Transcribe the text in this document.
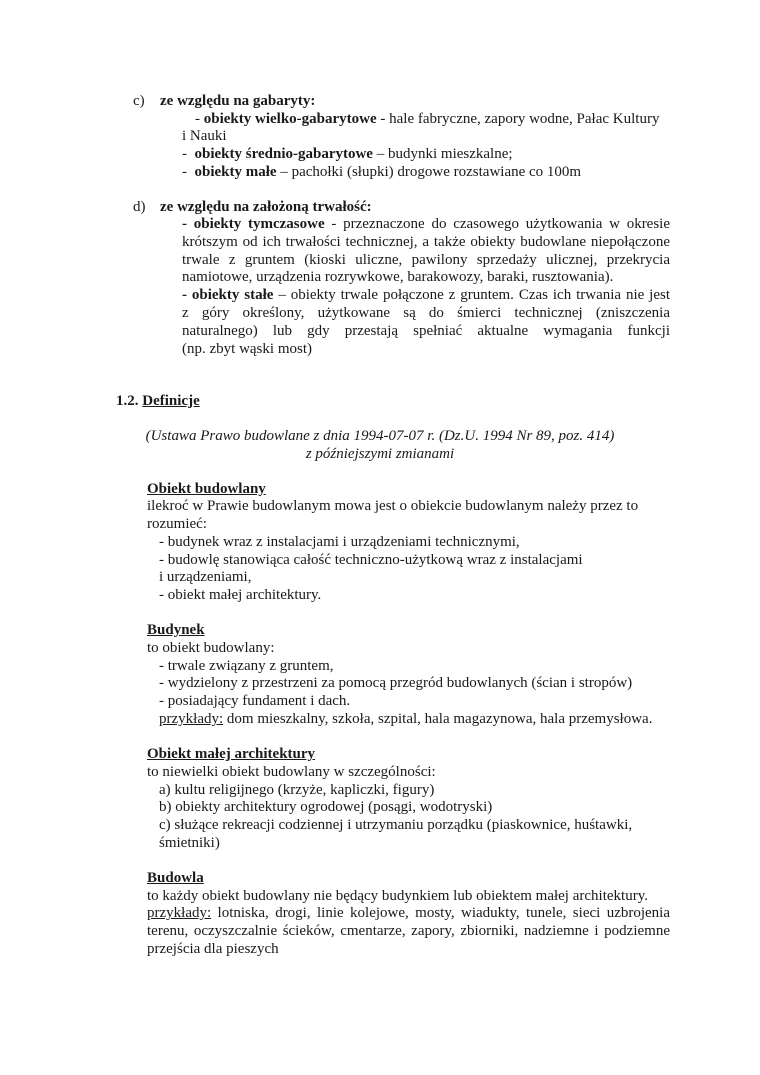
c) ze względu na gabaryty:
- obiekty wielko-gabarytowe - hale fabryczne, zapory wodne, Pałac Kultury
i Nauki
- obiekty średnio-gabarytowe – budynki mieszkalne;
- obiekty małe – pachołki (słupki) drogowe rozstawiane co 100m
d) ze względu na założoną trwałość:
- obiekty tymczasowe - przeznaczone do czasowego użytkowania w okresie
krótszym od ich trwałości technicznej, a także obiekty budowlane niepołączone
trwale z gruntem (kioski uliczne, pawilony sprzedaży ulicznej, przekrycia
namiotowe, urządzenia rozrywkowe, barakowozy, baraki, rusztowania).
- obiekty stałe – obiekty trwale połączone z gruntem. Czas ich trwania nie jest
z góry określony, użytkowane są do śmierci technicznej (zniszczenia
naturalnego) lub gdy przestają spełniać aktualne wymagania funkcji
(np. zbyt wąski most)
1.2. Definicje
(Ustawa Prawo budowlane z dnia 1994-07-07 r. (Dz.U. 1994 Nr 89, poz. 414)
z późniejszymi zmianami
Obiekt budowlany
ilekroć w Prawie budowlanym mowa jest o obiekcie budowlanym należy przez to
rozumieć:
- budynek wraz z instalacjami i urządzeniami technicznymi,
- budowlę stanowiąca całość techniczno-użytkową wraz z instalacjami
i urządzeniami,
- obiekt małej architektury.
Budynek
to obiekt budowlany:
- trwale związany z gruntem,
- wydzielony z przestrzeni za pomocą przegród budowlanych (ścian i stropów)
- posiadający fundament i dach.
przykłady: dom mieszkalny, szkoła, szpital, hala magazynowa, hala przemysłowa.
Obiekt małej architektury
to niewielki obiekt budowlany w szczególności:
a) kultu religijnego (krzyże, kapliczki, figury)
b) obiekty architektury ogrodowej (posągi, wodotryski)
c) służące rekreacji codziennej i utrzymaniu porządku (piaskownice, huśtawki,
śmietniki)
Budowla
to każdy obiekt budowlany nie będący budynkiem lub obiektem małej architektury.
przykłady: lotniska, drogi, linie kolejowe, mosty, wiadukty, tunele, sieci uzbrojenia
terenu, oczyszczalnie ścieków, cmentarze, zapory, zbiorniki, nadziemne i podziemne
przejścia dla pieszych
